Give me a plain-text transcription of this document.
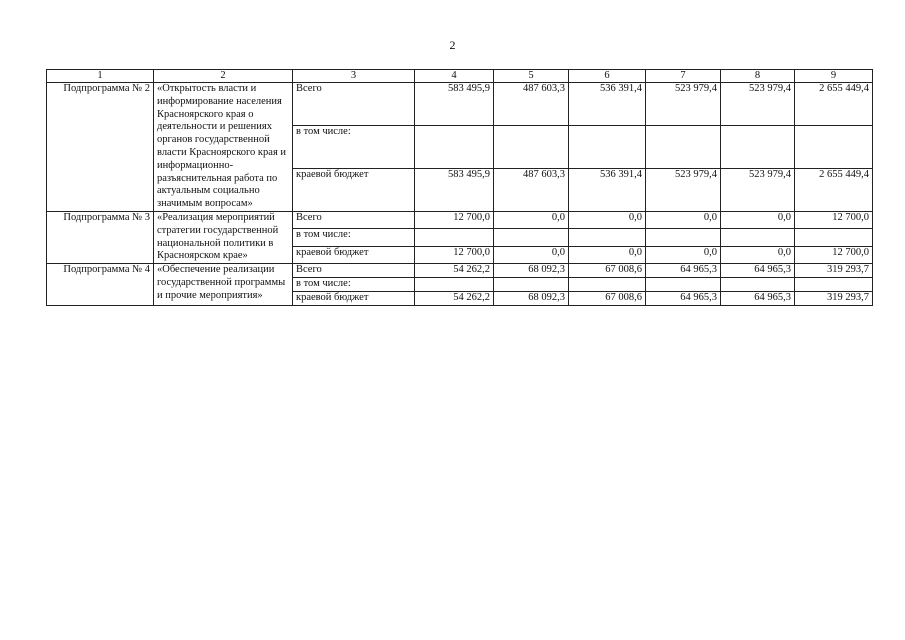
2
1	2	3	4	5	6	7	8	9
Подпрограмма № 2	«Открытость власти и информирование населения Красноярского края о деятельности и решениях органов государственной власти Красноярского края и информационно-разъяснительная работа по актуальным социально значимым вопросам»	Всего	583 495,9	487 603,3	536 391,4	523 979,4	523 979,4	2 655 449,4
		в том числе:						
		краевой бюджет	583 495,9	487 603,3	536 391,4	523 979,4	523 979,4	2 655 449,4
Подпрограмма № 3	«Реализация мероприятий стратегии государственной национальной политики в Красноярском крае»	Всего	12 700,0	0,0	0,0	0,0	0,0	12 700,0
		в том числе:						
		краевой бюджет	12 700,0	0,0	0,0	0,0	0,0	12 700,0
Подпрограмма № 4	«Обеспечение реализации государственной программы и прочие мероприятия»	Всего	54 262,2	68 092,3	67 008,6	64 965,3	64 965,3	319 293,7
		в том числе:						
		краевой бюджет	54 262,2	68 092,3	67 008,6	64 965,3	64 965,3	319 293,7
